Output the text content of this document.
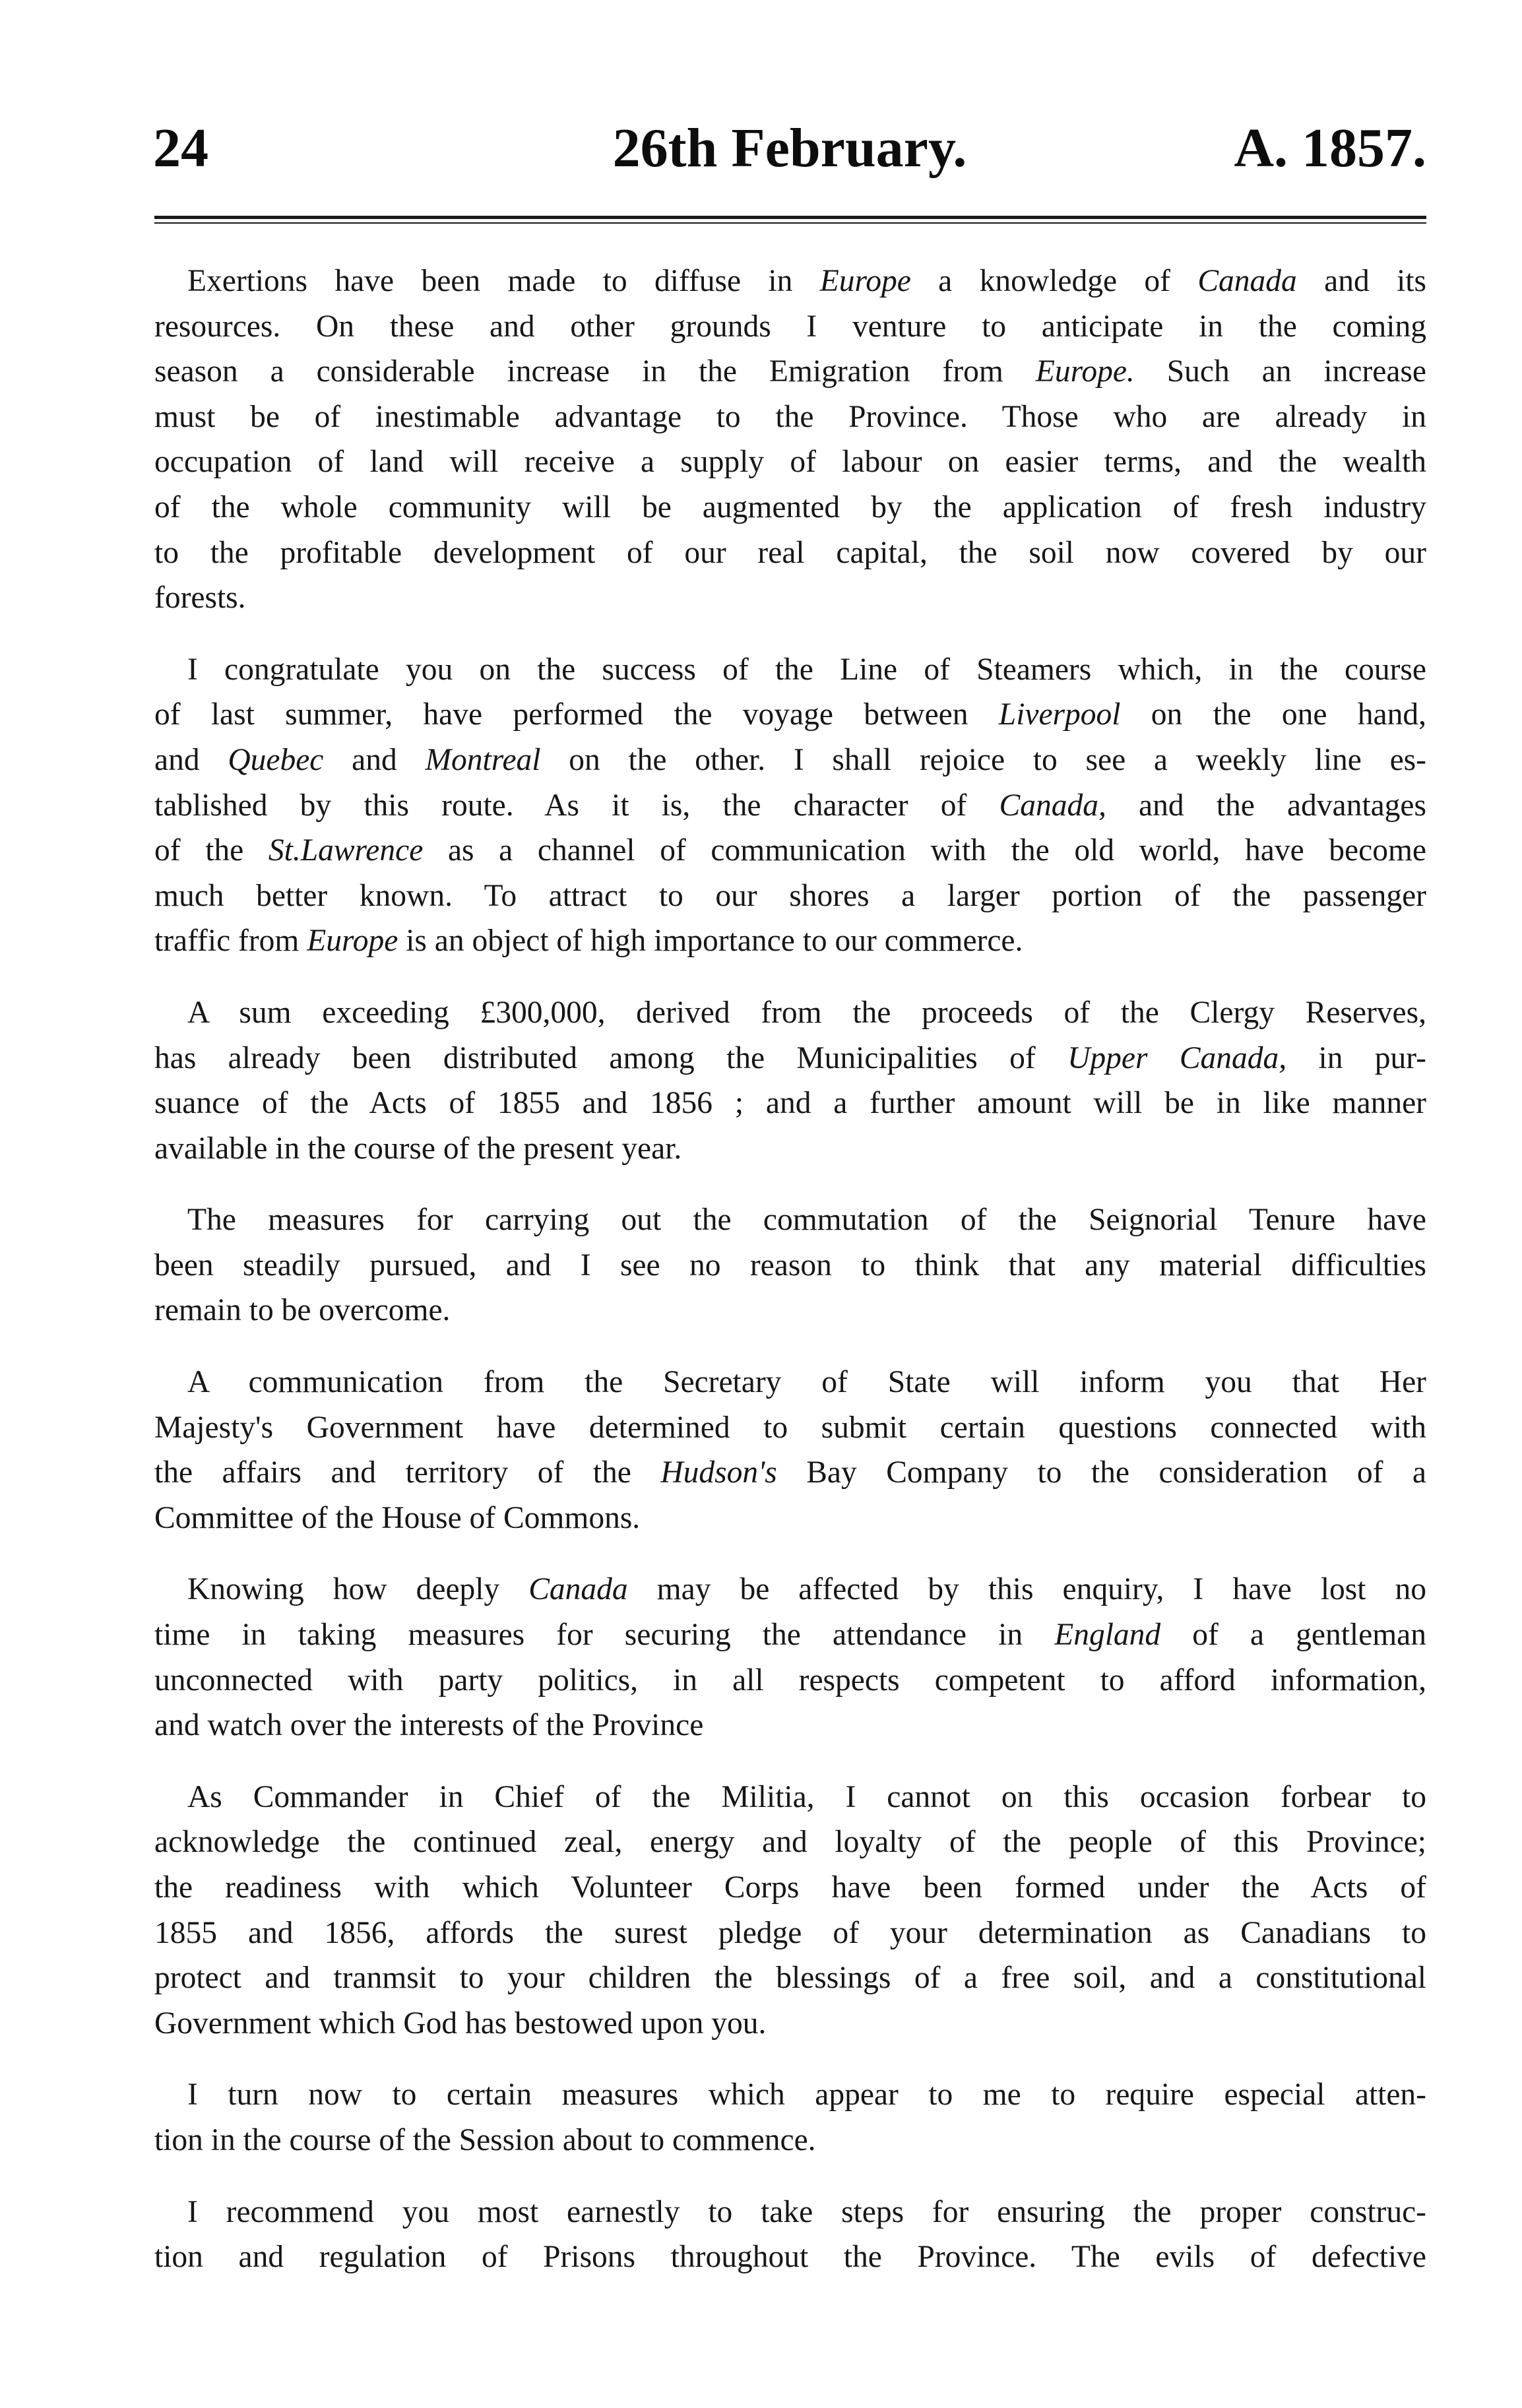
24	26th February.	A. 1857.
Exertions have been made to diffuse in Europe a knowledge of Canada and its
resources. On these and other grounds I venture to anticipate in the coming
season a considerable increase in the Emigration from Europe. Such an increase
must be of inestimable advantage to the Province. Those who are already in
occupation of land will receive a supply of labour on easier terms, and the wealth
of the whole community will be augmented by the application of fresh industry
to the profitable development of our real capital, the soil now covered by our
forests.
I congratulate you on the success of the Line of Steamers which, in the course
of last summer, have performed the voyage between Liverpool on the one hand,
and Quebec and Montreal on the other. I shall rejoice to see a weekly line es-
tablished by this route. As it is, the character of Canada, and the advantages
of the St.Lawrence as a channel of communication with the old world, have become
much better known. To attract to our shores a larger portion of the passenger
traffic from Europe is an object of high importance to our commerce.
A sum exceeding £300,000, derived from the proceeds of the Clergy Reserves,
has already been distributed among the Municipalities of Upper Canada, in pur-
suance of the Acts of 1855 and 1856 ; and a further amount will be in like manner
available in the course of the present year.
The measures for carrying out the commutation of the Seignorial Tenure have
been steadily pursued, and I see no reason to think that any material difficulties
remain to be overcome.
A communication from the Secretary of State will inform you that Her
Majesty's Government have determined to submit certain questions connected with
the affairs and territory of the Hudson's Bay Company to the consideration of a
Committee of the House of Commons.
Knowing how deeply Canada may be affected by this enquiry, I have lost no
time in taking measures for securing the attendance in England of a gentleman
unconnected with party politics, in all respects competent to afford information,
and watch over the interests of the Province
As Commander in Chief of the Militia, I cannot on this occasion forbear to
acknowledge the continued zeal, energy and loyalty of the people of this Province;
the readiness with which Volunteer Corps have been formed under the Acts of
1855 and 1856, affords the surest pledge of your determination as Canadians to
protect and tranmsit to your children the blessings of a free soil, and a constitutional
Government which God has bestowed upon you.
I turn now to certain measures which appear to me to require especial atten-
tion in the course of the Session about to commence.
I recommend you most earnestly to take steps for ensuring the proper construc-
tion and regulation of Prisons throughout the Province. The evils of defective
